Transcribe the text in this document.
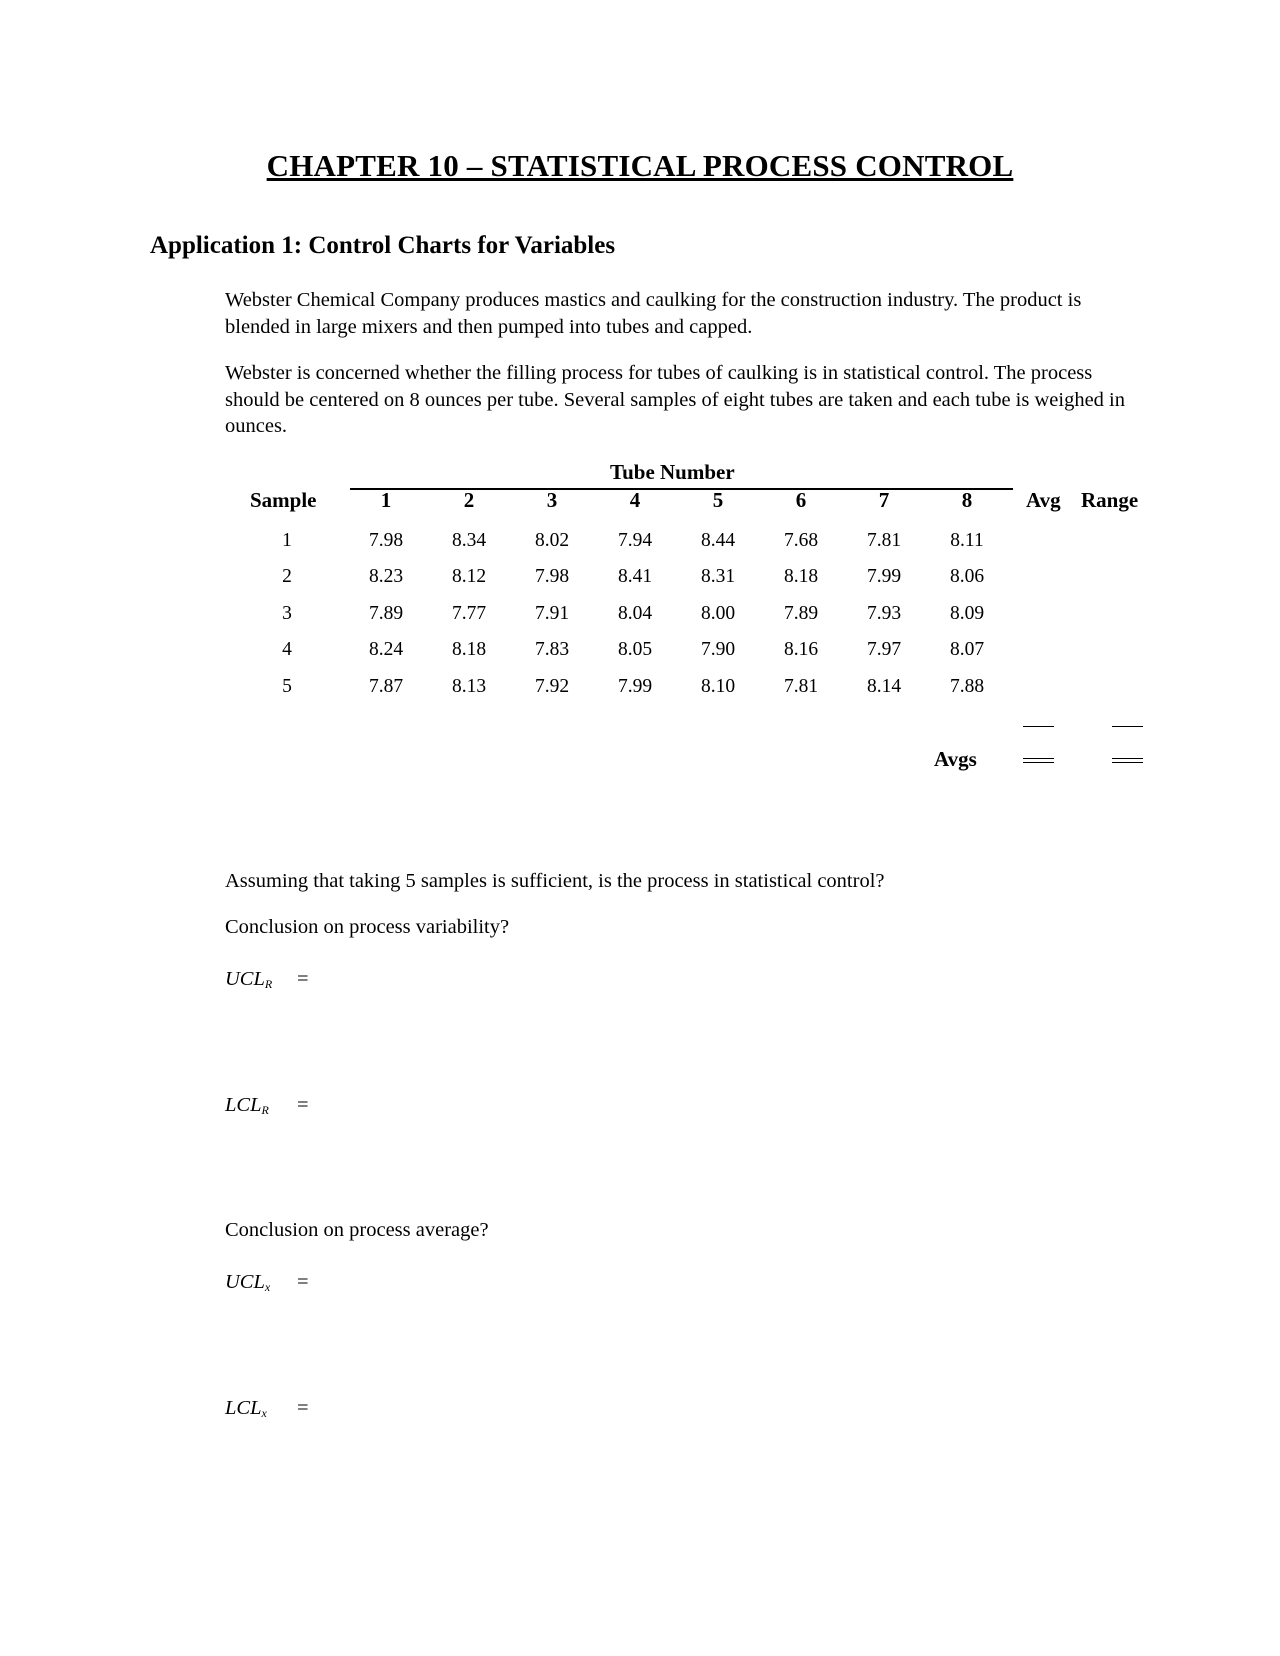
CHAPTER 10 – STATISTICAL PROCESS CONTROL
Application 1: Control Charts for Variables
Webster Chemical Company produces mastics and caulking for the construction industry. The product is blended in large mixers and then pumped into tubes and capped.
Webster is concerned whether the filling process for tubes of caulking is in statistical control. The process should be centered on 8 ounces per tube. Several samples of eight tubes are taken and each tube is weighed in ounces.
Tube Number
Sample	1	2	3	4	5	6	7	8	Avg Range
1	7.98	8.34	8.02	7.94	8.44	7.68	7.81	8.11
2	8.23	8.12	7.98	8.41	8.31	8.18	7.99	8.06
3	7.89	7.77	7.91	8.04	8.00	7.89	7.93	8.09
4	8.24	8.18	7.83	8.05	7.90	8.16	7.97	8.07
5	7.87	8.13	7.92	7.99	8.10	7.81	8.14	7.88
Avgs
Assuming that taking 5 samples is sufficient, is the process in statistical control?
Conclusion on process variability?
$UCL_R$ =
$LCL_R$ =
Conclusion on process average?
$UCL_x$ =
$LCL_x$ =
